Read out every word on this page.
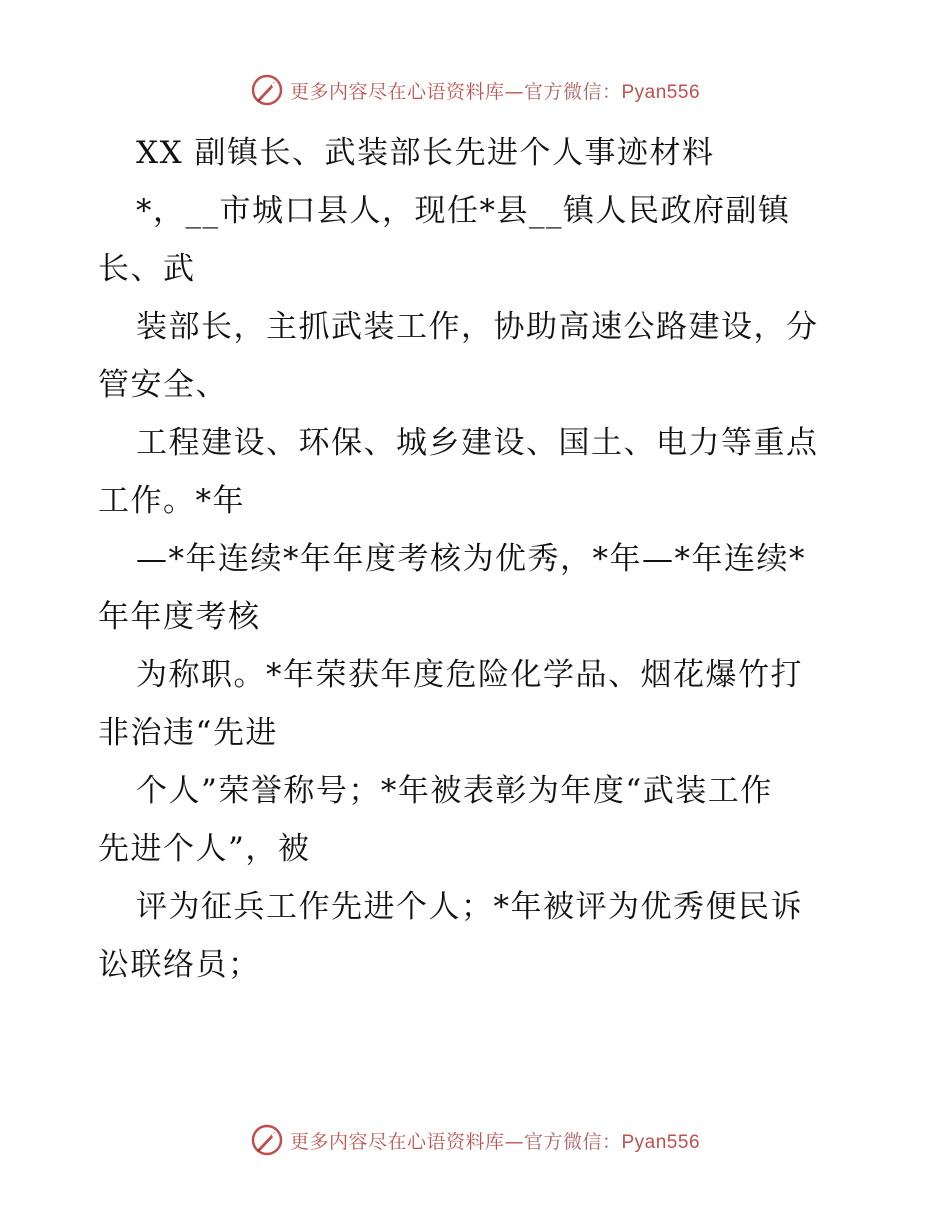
更多内容尽在心语资料库—官方微信：Pyan556
XX 副镇长、武装部长先进个人事迹材料
*，__市城口县人，现任*县__镇人民政府副镇
长、武
装部长，主抓武装工作，协助高速公路建设，分
管安全、
工程建设、环保、城乡建设、国土、电力等重点
工作。*年
—*年连续*年年度考核为优秀，*年—*年连续*
年年度考核
为称职。*年荣获年度危险化学品、烟花爆竹打
非治违“先进
个人”荣誉称号；*年被表彰为年度“武装工作
先进个人”，被
评为征兵工作先进个人；*年被评为优秀便民诉
讼联络员；
更多内容尽在心语资料库—官方微信：Pyan556
